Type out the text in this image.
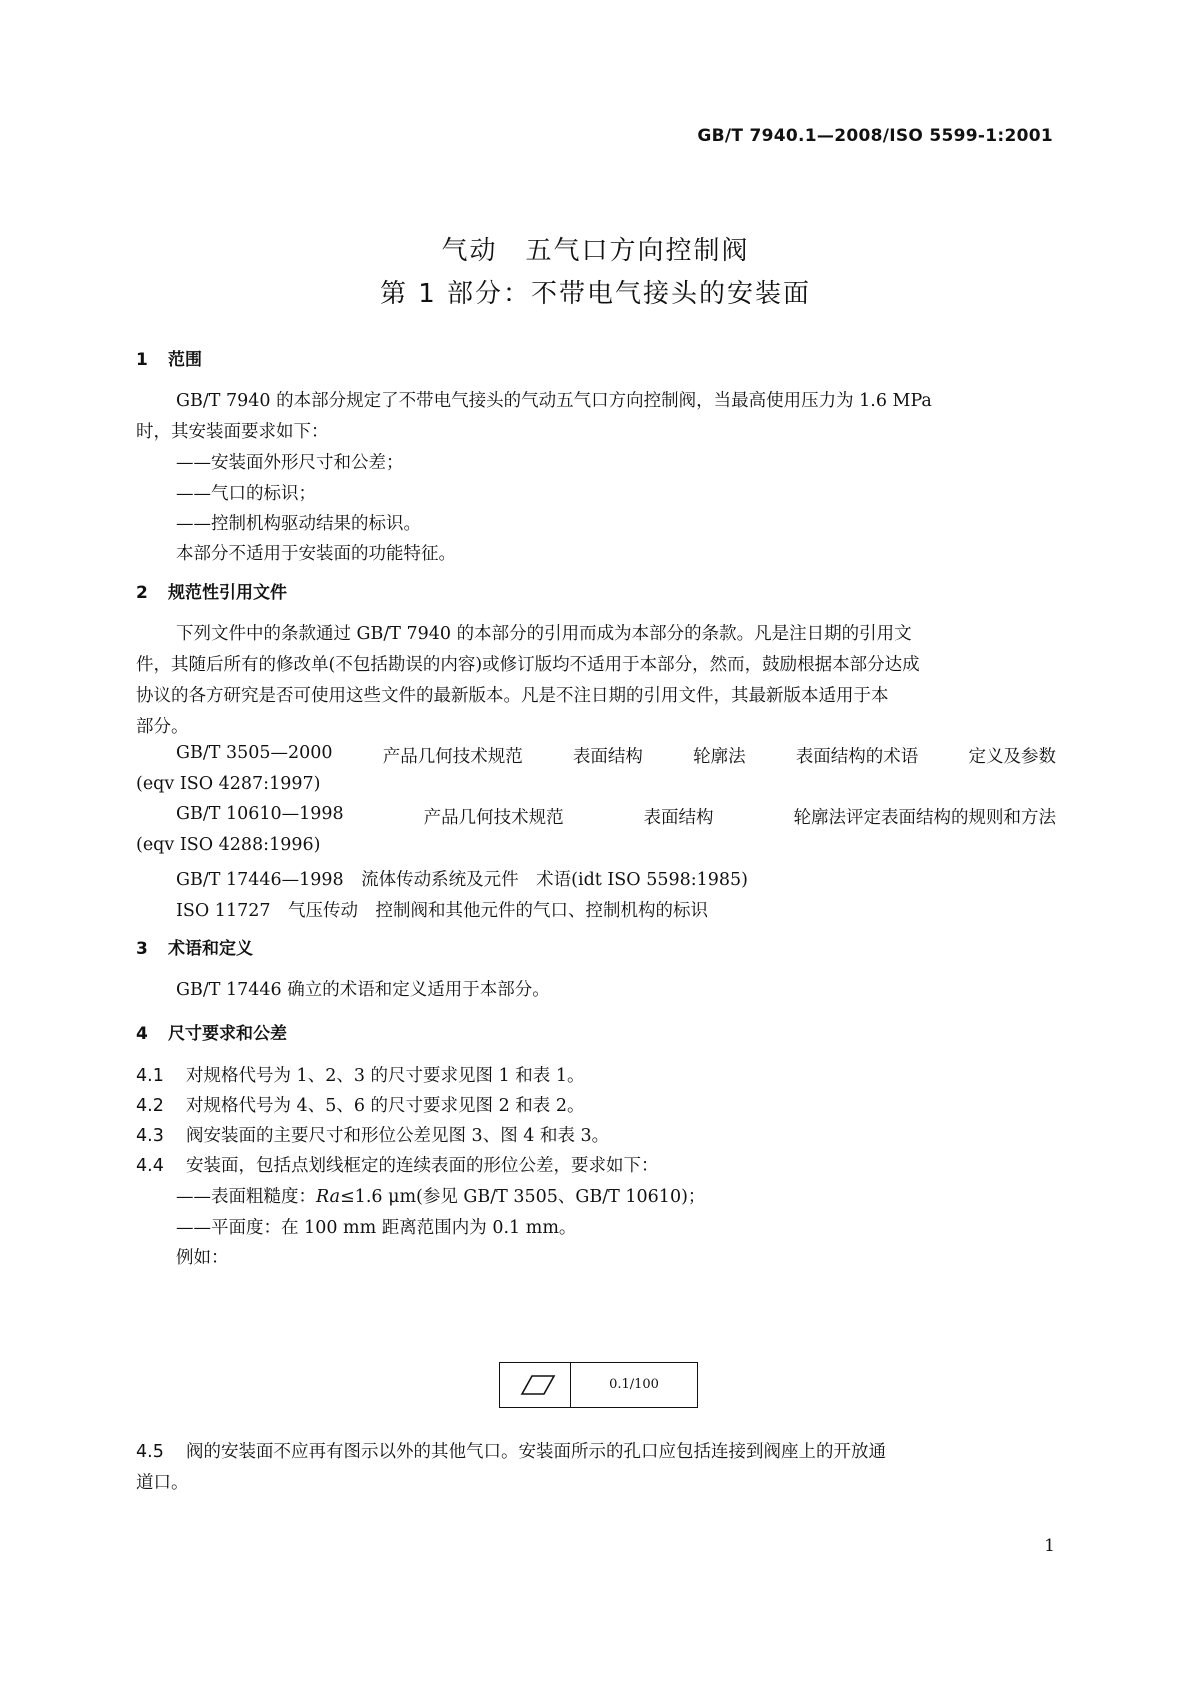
GB/T 7940.1—2008/ISO 5599-1:2001
气动　五气口方向控制阀
第 1 部分：不带电气接头的安装面
1 范围
GB/T 7940 的本部分规定了不带电气接头的气动五气口方向控制阀，当最高使用压力为 1.6 MPa
时，其安装面要求如下：
——安装面外形尺寸和公差；
——气口的标识；
——控制机构驱动结果的标识。
本部分不适用于安装面的功能特征。
2 规范性引用文件
下列文件中的条款通过 GB/T 7940 的本部分的引用而成为本部分的条款。凡是注日期的引用文
件，其随后所有的修改单(不包括勘误的内容)或修订版均不适用于本部分，然而，鼓励根据本部分达成
协议的各方研究是否可使用这些文件的最新版本。凡是不注日期的引用文件，其最新版本适用于本
部分。
GB/T 3505—2000	产品几何技术规范	表面结构	轮廓法	表面结构的术语	定义及参数
(eqv ISO 4287:1997)
GB/T 10610—1998	产品几何技术规范	表面结构	轮廓法评定表面结构的规则和方法
(eqv ISO 4288:1996)
GB/T 17446—1998　流体传动系统及元件　术语(idt ISO 5598:1985)
ISO 11727　气压传动　控制阀和其他元件的气口、控制机构的标识
3 术语和定义
GB/T 17446 确立的术语和定义适用于本部分。
4 尺寸要求和公差
4.1 对规格代号为 1、2、3 的尺寸要求见图 1 和表 1。
4.2 对规格代号为 4、5、6 的尺寸要求见图 2 和表 2。
4.3 阀安装面的主要尺寸和形位公差见图 3、图 4 和表 3。
4.4 安装面，包括点划线框定的连续表面的形位公差，要求如下：
——表面粗糙度：Ra≤1.6 μm(参见 GB/T 3505、GB/T 10610)；
——平面度：在 100 mm 距离范围内为 0.1 mm。
例如：
4.5 阀的安装面不应再有图示以外的其他气口。安装面所示的孔口应包括连接到阀座上的开放通
道口。
0.1/100
1
